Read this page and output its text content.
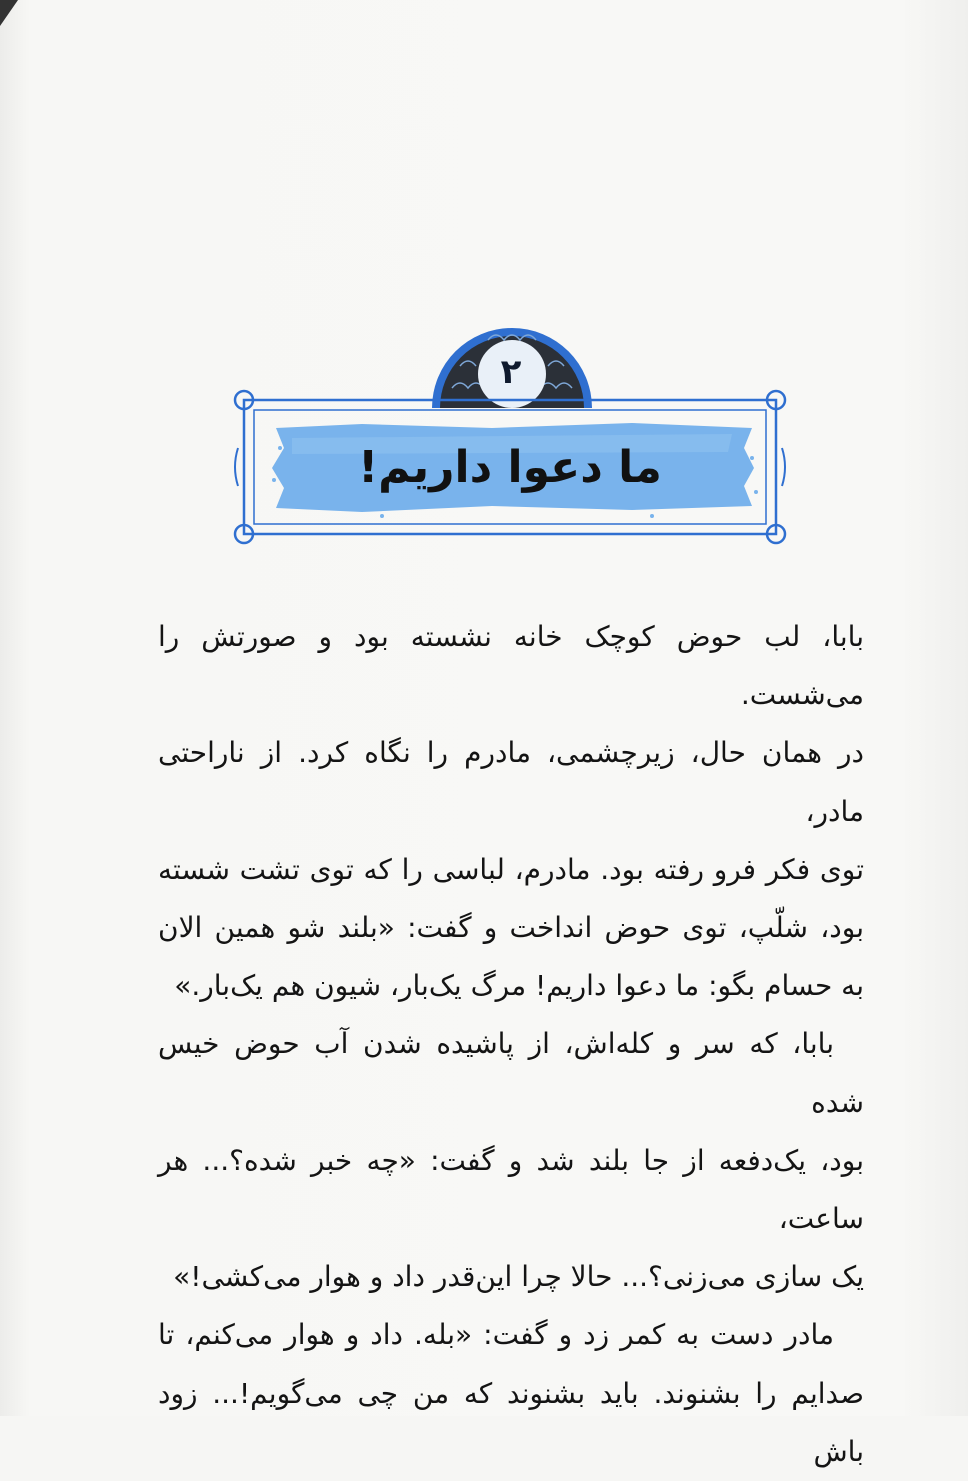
۲
ما دعوا داریم!

بابا، لب حوض کوچک خانه نشسته بود و صورتش را می‌شست.

در همان حال، زیرچشمی، مادرم را نگاه کرد. از ناراحتی مادر،

توی فکر فرو رفته بود. مادرم، لباسی را که توی تشت شسته

بود، شلّپ، توی حوض انداخت و گفت: «بلند شو همین الان

به حسام بگو: ما دعوا داریم! مرگ یک‌بار، شیون هم یک‌بار.»

بابا، که سر و کله‌اش، از پاشیده شدن آب حوض خیس شده

بود، یک‌دفعه از جا بلند شد و گفت: «چه خبر شده؟... هر ساعت،

یک سازی می‌زنی؟... حالا چرا این‌قدر داد و هوار می‌کشی!»

مادر دست به کمر زد و گفت: «بله. داد و هوار می‌کنم، تا

صدایم را بشنوند. باید بشنوند که من چی می‌گویم!... زود باش
